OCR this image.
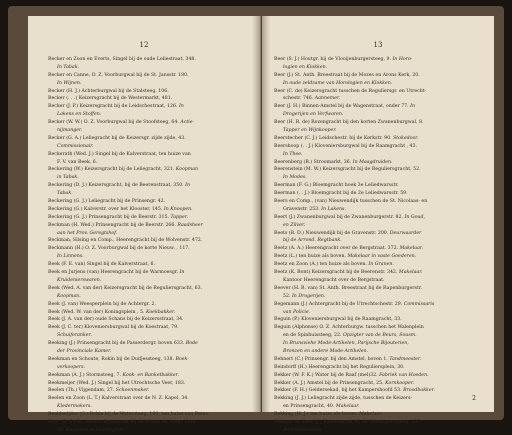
12
Becker en Zoon en Everts, Singel bij de oude Leliestraat, 348.
In Tabak.
Becker en Canne, O. Z. Voorburgwal bij de St. Jansstr. 180.
In Wijnen.
Becker (H. J.) Achterburgwal bij de Stalsteeg, 106.
Becker (. . .) Keizersgracht bij de Westermarkt, 481.
Becker (J. P.) Keizersgracht bij de Leidschestraat, 126. In
Lakens en Stoffen.
Becker (W. W.) O. Z. Voorburgwal bij de Stoofsteeg, 64. Actie-
nijmanger.
Becker (G. A.) Leliegracht bij de Keizersgr. zijde zijde, 43.
Commissionair.
Beckerath (Wed. J.) Singel bij de Kalverstraat, ten huize van
F. V. van Beek, 6.
Beckering (W.) Keizersgracht bij de Leliegracht, 321. Koopman
in Tabak.
Beckering (D. J.) Keizersgracht, bij de Beerenstraat, 350. In
Tabak.
Beckering (G. J.) Leliegracht bij de Prinsengr. 42.
Beckering (G.) Kalverstr. over het Klooster, 145. In Knoopen.
Beckering (G. J.) Prinsengracht bij de Beerstr. 315. Tapper.
Beckman (H. Wed.) Prinsengracht bij de Beerstr. 266. Raadsheer
aan het Prov. Geregtshof.
Beckman, Silsing en Comp., Heerengracht bij de Wolvenstr. 472.
Beckmann (H.) O. Z. Voorburgwal bij de korte Nieuw. , 117.
In Linnens.
Beek (F. E. van) Singel bij de Kalverstraat, 6.
Beek en Jurjens (van) Heerengracht bij de Warmoesgr. In
Kruidenierswaren.
Beek (Wed. A. van der) Keizersgracht bij de Reguliersgracht, 63.
Koopman.
Beek (J. van) Weesperplein bij de Achtergr. 2.
Beek (Wed. W. van der) Koningsplein , 5. Koekbakker.
Beek (J. A. van der) oude Schans bij de Keizersstraat, 34.
Beek (J. C. ter) Kloveniersburgwal bij de Koestraat, 79.
Schuiferanker.
Beeking (J.) Prinsengracht bij de Passerdergr. boven 633. Bode
der Provinciale Kamer.
Beekman en Schoute, Rokin bij de Duifjessteeg, 138. Boek-
verkoopers.
Beekman (A. J.) Stormsteeg, 7. Kook- en Banketbakker.
Beekmeijer (Wed. J.) Singel bij het Utrechtsche Veer, 183.
Beelen (Th.) Vijgendam, 27. Schoenmaker.
Beelen en Zoon (L. T.) Kalverstraat over de N. Z. Kapel, 34.
Kledermakers.
Beeldsnijder (G.) Rokin bij de Watersteeg, 160, ten huize van Rems.
Beer (R. S.) St. Anthon Breestraat bij de Mozes en Arons Kerk ,
20. Koopman in Horologien.
13
Beer (S. J.) Houtgr. bij de Vlooijenburgersteeg, 9. In Horo-
logien en Klokken.
Beer (J.) St. Anth. Breestraat bij de Mozes en Arons Kerk, 20.
In oude zeldzame van Horologien en Klokken.
Beer (C. de) Keizersgracht tusschen de Reguliersgr. en Utrecht-
schestr. 746. Aannemer.
Beer (J. H.) Binnen-Amstel bij de Wagenstraat, onder 77. In
Drogerijen en Verfwaren.
Beer (H. B. de) Rozengracht bij den korten Zwanenburgwal, 8.
Tapper en Wijnkooper.
Beerstecher (C. J.) Leidschestr. bij de Kerkstr. 90. Stokedoor.
Beershoop (. . J.) Kloveniersburgwal bij de Raamgracht , 43.
In Thee.
Beerenberg (B.) Stroomarkt, 36. In Maagdruiden.
Beerenstein (M. W.) Keizersgracht bij de Reguliersgracht, 52.
In Modes.
Beerman (F. G.) Bloemgracht hoek 3e Leliedwarsstr.
Beerman (. . J.) Bloemgracht bij de 2e Leliedwarsstr. 59.
Beers en Comp., (van) Nieuwendijk tusschen de St. Nicolaas- en
Gravenstr. 253. In Lakens.
Beert (J.) Zwanenburgwal bij de Zwanenburgerstr. 82. In Goud,
en Zilver.
Beets (B. D.) Nieuwendijk bij de Gravenstr. 200. Deurwaarder
bij de Arrond. Regtbank.
Beetz (A. A.) Heerengracht over de Bergstraat. 372. Makelaar.
Beetz (L.) ten huize als boven. Makelaar in vaste Goederen.
Beetz en Zoon (A.) ten huize als boven. In Granen.
Beetz (K. Bont) Keizersgracht bij de Beerenstr. 342. Makelaar.
Kantoor Heerengracht over de Bergstraat.
Beever (H. B. van) St. Anth. Breestraat bij de Rapenburgerstr.
52. In Drogerijen.
Begemann (J.) Achtergracht bij de Utrechtschestr. 29. Commissaris
van Policie.
Beguin (P.) Kloveniersburgwal bij de Raamgracht, 33.
Beguin (Alphonse) O. Z. Achterburgw. tusschen het Walenplein
en de Spinhuissteeg, 22. Opzigter van de Beurs, Sousm.
In Brunsviehe Mode-Artikelen, Parijsche Bijouterien,
Bronzen en andere Mode-Artikelen.
Behnert (C.) Prinsengr. bij den Amstel, boven 1. Tandmeester.
Beindorff (H.) Heerengracht bij het Reguliersplein, 30.
Bekker (W. F. K.) Water bij de Raaf (mel)32. Fabriek van Hoeden.
Bekker (A. J.) Amstel bij de Prinsengracht, 25. Kornkooper.
Bekker (F. H.) Geldersekad, bij het Kampershoofd 53. Broodbakker.
Bekking (J. J.) Leliegracht zijde zijde, tusschen de Keizers-
en Prinsengracht, 40. Makelaar.
Bekking (H. J.) ten huize als boven. Makelaar.
Bekouw en Zoon (J.) Kalverstraat bij de Olieslagerssteeg, 137.
Boekhandelaars.
2
